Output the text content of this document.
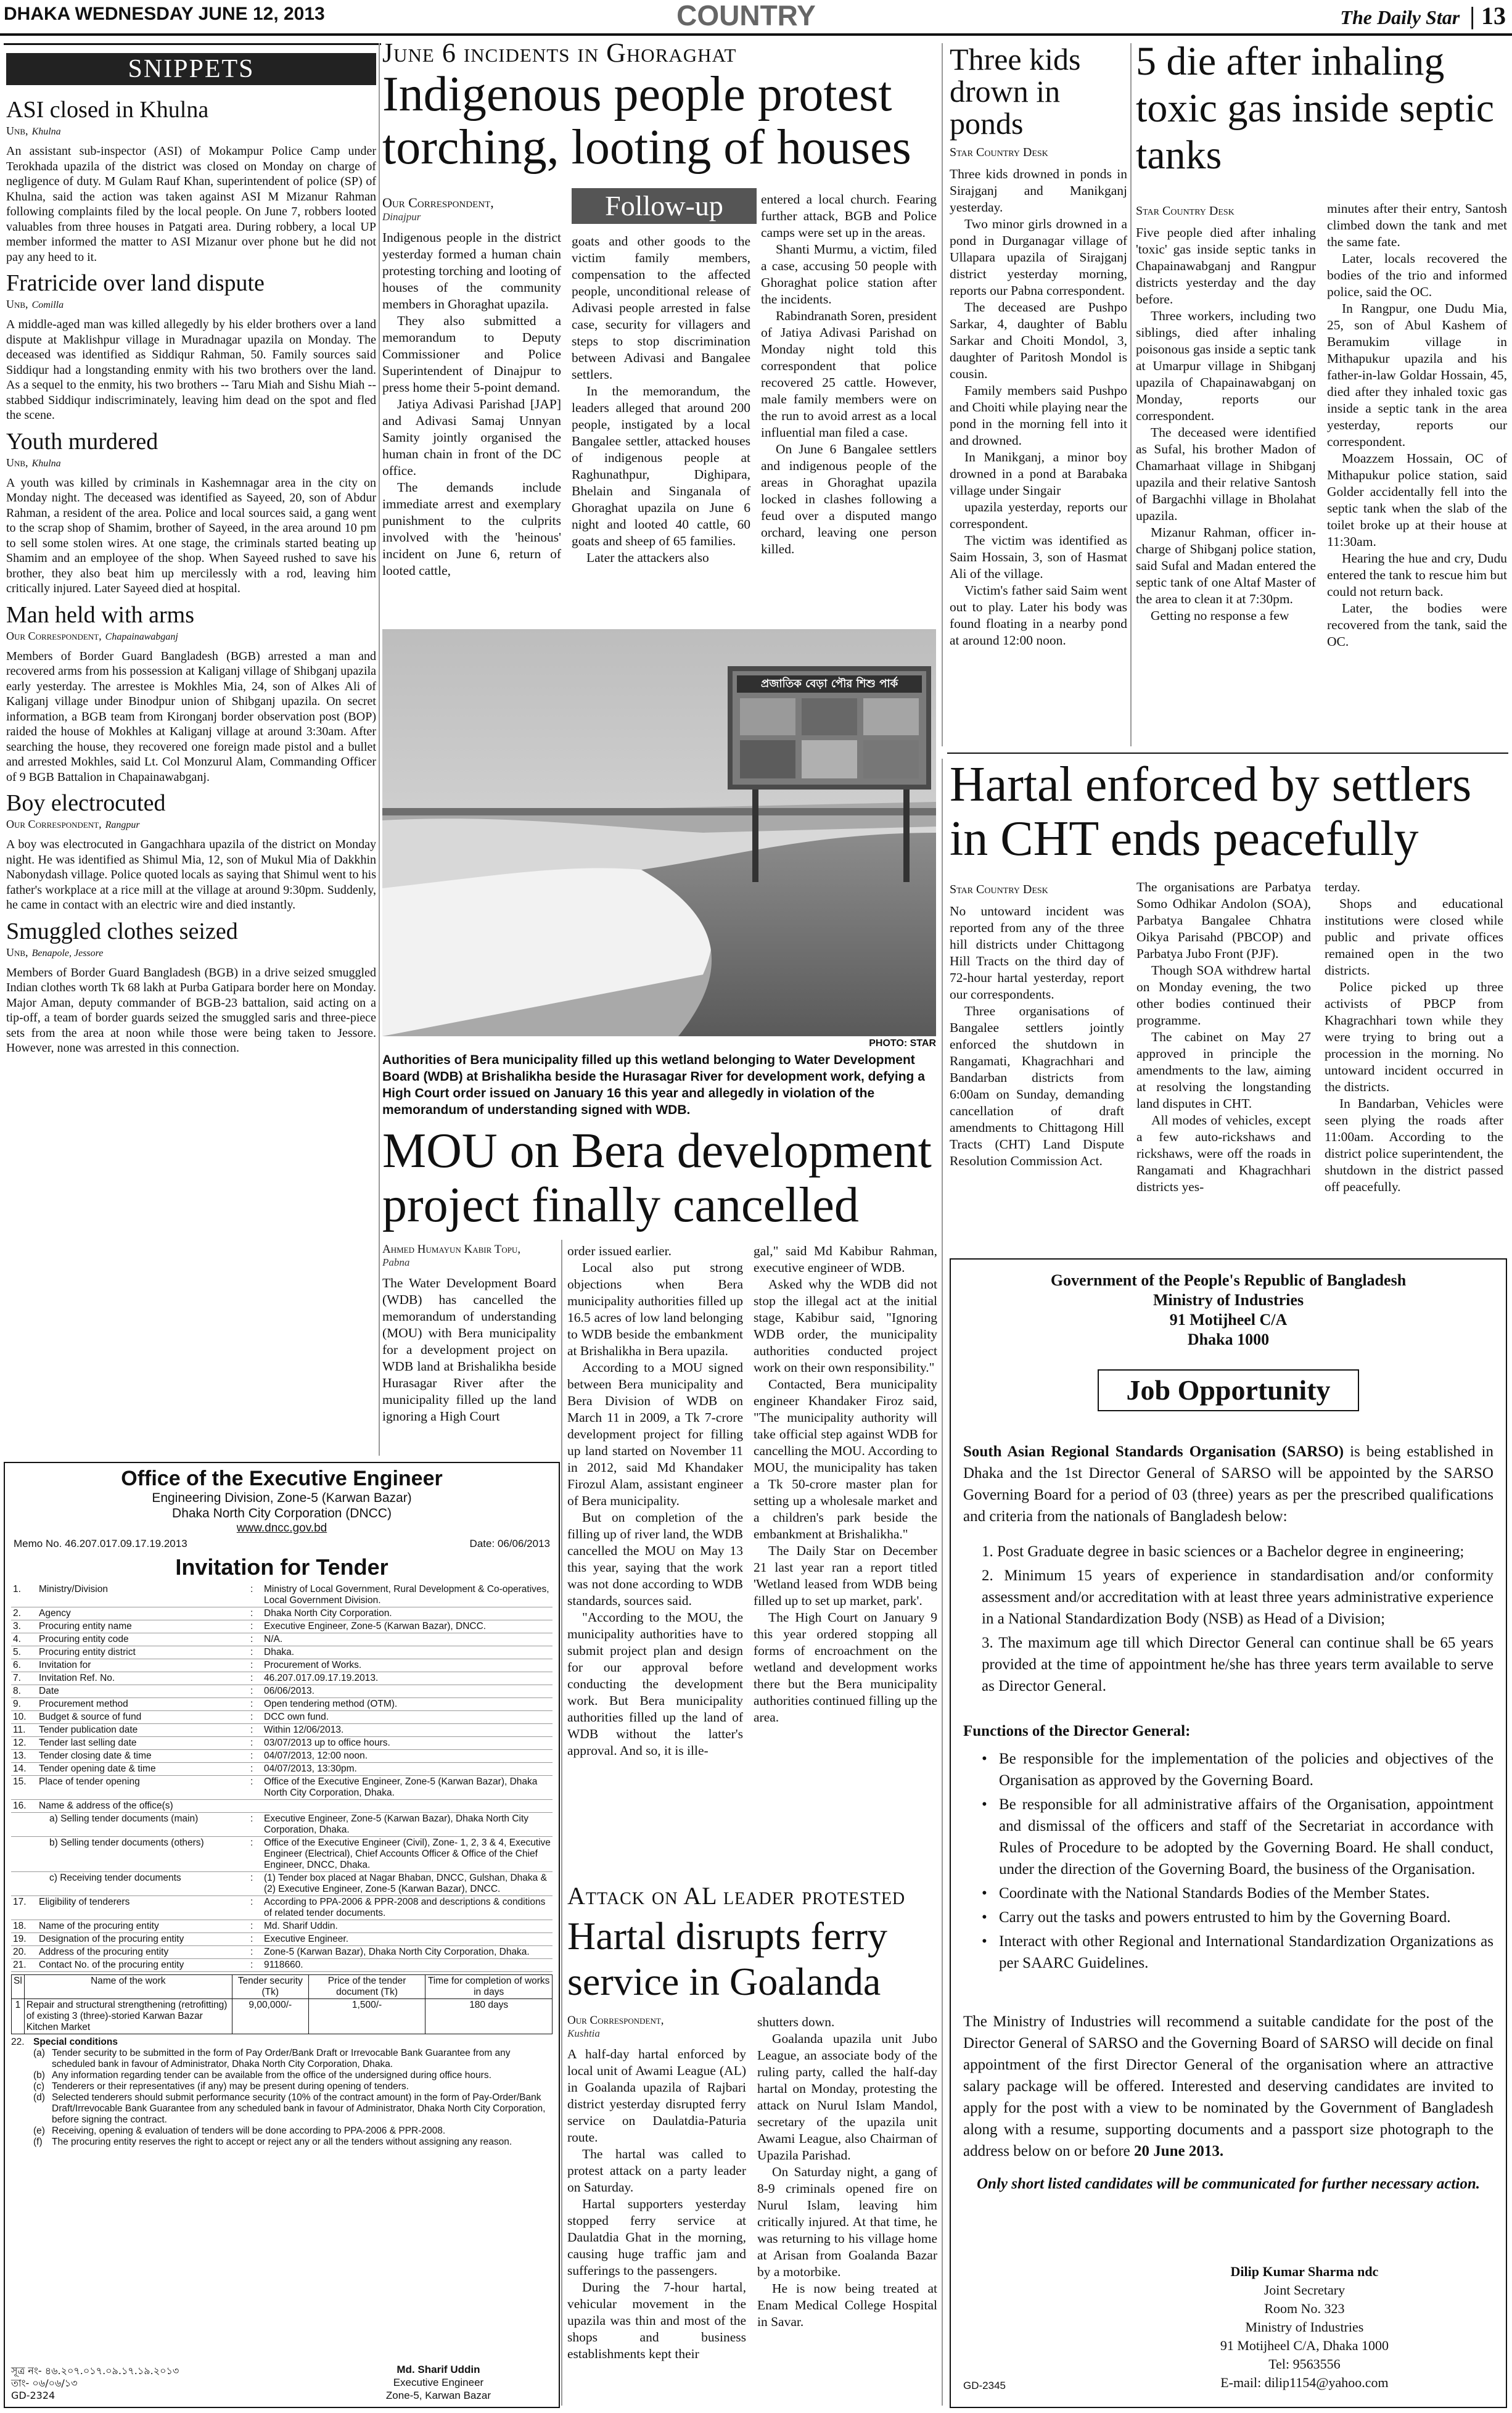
DHAKA WEDNESDAY JUNE 12, 2013	COUNTRY	The Daily Star | 13
SNIPPETS
ASI closed in Khulna
Unb, Khulna
An assistant sub-inspector (ASI) of Mokampur Police Camp under Terokhada upazila of the district was closed on Monday on charge of negligence of duty. M Gulam Rauf Khan, superintendent of police (SP) of Khulna, said the action was taken against ASI M Mizanur Rahman following complaints filed by the local people. On June 7, robbers looted valuables from three houses in Patgati area. During robbery, a local UP member informed the matter to ASI Mizanur over phone but he did not pay any heed to it.
Fratricide over land dispute
Unb, Comilla
A middle-aged man was killed allegedly by his elder brothers over a land dispute at Maklishpur village in Muradnagar upazila on Monday. The deceased was identified as Siddiqur Rahman, 50. Family sources said Siddiqur had a longstanding enmity with his two brothers over the land. As a sequel to the enmity, his two brothers -- Taru Miah and Sishu Miah -- stabbed Siddiqur indiscriminately, leaving him dead on the spot and fled the scene.
Youth murdered
Unb, Khulna
A youth was killed by criminals in Kashemnagar area in the city on Monday night. The deceased was identified as Sayeed, 20, son of Abdur Rahman, a resident of the area. Police and local sources said, a gang went to the scrap shop of Shamim, brother of Sayeed, in the area around 10 pm to sell some stolen wires. At one stage, the criminals started beating up Shamim and an employee of the shop. When Sayeed rushed to save his brother, they also beat him up mercilessly with a rod, leaving him critically injured. Later Sayeed died at hospital.
Man held with arms
Our Correspondent, Chapainawabganj
Members of Border Guard Bangladesh (BGB) arrested a man and recovered arms from his possession at Kaliganj village of Shibganj upazila early yesterday. The arrestee is Mokhles Mia, 24, son of Alkes Ali of Kaliganj village under Binodpur union of Shibganj upazila. On secret information, a BGB team from Kironganj border observation post (BOP) raided the house of Mokhles at Kaliganj village at around 3:30am. After searching the house, they recovered one foreign made pistol and a bullet and arrested Mokhles, said Lt. Col Monzurul Alam, Commanding Officer of 9 BGB Battalion in Chapainawabganj.
Boy electrocuted
Our Correspondent, Rangpur
A boy was electrocuted in Gangachhara upazila of the district on Monday night. He was identified as Shimul Mia, 12, son of Mukul Mia of Dakkhin Nabonydash village. Police quoted locals as saying that Shimul went to his father's workplace at a rice mill at the village at around 9:30pm. Suddenly, he came in contact with an electric wire and died instantly.
Smuggled clothes seized
Unb, Benapole, Jessore
Members of Border Guard Bangladesh (BGB) in a drive seized smuggled Indian clothes worth Tk 68 lakh at Purba Gatipara border here on Monday. Major Aman, deputy commander of BGB-23 battalion, said acting on a tip-off, a team of border guards seized the smuggled saris and three-piece sets from the area at noon while those were being taken to Jessore. However, none was arrested in this connection.
June 6 incidents in Ghoraghat
Indigenous people protest torching, looting of houses
Our Correspondent,
Dinajpur

Indigenous people in the district yesterday formed a human chain protesting torching and looting of houses of the community members in Ghoraghat upazila.

They also submitted a memorandum to Deputy Commissioner and Police Superintendent of Dinajpur to press home their 5-point demand.

Jatiya Adivasi Parishad [JAP] and Adivasi Samaj Unnyan Samity jointly organised the human chain in front of the DC office.

The demands include immediate arrest and exemplary punishment to the culprits involved with the 'heinous' incident on June 6, return of looted cattle,

Follow-up

goats and other goods to the victim family members, compensation to the affected people, unconditional release of Adivasi people arrested in false case, security for villagers and steps to stop discrimination between Adivasi and Bangalee settlers.

In the memorandum, the leaders alleged that around 200 people, instigated by a local Bangalee settler, attacked houses of indigenous people at Raghunathpur, Dighipara, Bhelain and Singanala of Ghoraghat upazila on June 6 night and looted 40 cattle, 60 goats and sheep of 65 families.

Later the attackers also

entered a local church. Fearing further attack, BGB and Police camps were set up in the areas.

Shanti Murmu, a victim, filed a case, accusing 50 people with Ghoraghat police station after the incidents.

Rabindranath Soren, president of Jatiya Adivasi Parishad on Monday night told this correspondent that police recovered 25 cattle. However, male family members were on the run to avoid arrest as a local influential man filed a case.

On June 6 Bangalee settlers and indigenous people of the areas in Ghoraghat upazila locked in clashes following a feud over a disputed mango orchard, leaving one person killed.

Three kids drown in ponds
Star Country Desk

Three kids drowned in ponds in Sirajganj and Manikganj yesterday.

Two minor girls drowned in a pond in Durganagar village of Ullapara upazila of Sirajganj district yesterday morning, reports our Pabna correspondent.

The deceased are Pushpo Sarkar, 4, daughter of Bablu Sarkar and Choiti Mondol, 3, daughter of Paritosh Mondol is cousin.

Family members said Pushpo and Choiti while playing near the pond in the morning fell into it and drowned.

In Manikganj, a minor boy drowned in a pond at Barabaka village under Singair

upazila yesterday, reports our correspondent.

The victim was identified as Saim Hossain, 3, son of Hasmat Ali of the village.

Victim's father said Saim went out to play. Later his body was found floating in a nearby pond at around 12:00 noon.

5 die after inhaling toxic gas inside septic tanks
Star Country Desk

Five people died after inhaling 'toxic' gas inside septic tanks in Chapainawabganj and Rangpur districts yesterday and the day before.

Three workers, including two siblings, died after inhaling poisonous gas inside a septic tank at Umarpur village in Shibganj upazila of Chapainawabganj on Monday, reports our correspondent.

The deceased were identified as Sufal, his brother Madon of Chamarhaat village in Shibganj upazila and their relative Santosh of Bargachhi village in Bholahat upazila.

Mizanur Rahman, officer in-charge of Shibganj police station, said Sufal and Madan entered the septic tank of one Altaf Master of the area to clean it at 7:30pm.

Getting no response a few

minutes after their entry, Santosh climbed down the tank and met the same fate.

Later, locals recovered the bodies of the trio and informed police, said the OC.

In Rangpur, one Dudu Mia, 25, son of Abul Kashem of Beramukim village in Mithapukur upazila and his father-in-law Goldar Hossain, 45, died after they inhaled toxic gas inside a septic tank in the area yesterday, reports our correspondent.

Moazzem Hossain, OC of Mithapukur police station, said Golder accidentally fell into the septic tank when the slab of the toilet broke up at their house at 11:30am.

Hearing the hue and cry, Dudu entered the tank to rescue him but could not return back.

Later, the bodies were recovered from the tank, said the OC.

প্রজাতিক বেড়া পৌর শিশু পার্ক
PHOTO: STAR
Authorities of Bera municipality filled up this wetland belonging to Water Development Board (WDB) at Brishalikha beside the Hurasagar River for development work, defying a High Court order issued on January 16 this year and allegedly in violation of the memorandum of understanding signed with WDB.
Hartal enforced by settlers in CHT ends peacefully
Star Country Desk

No untoward incident was reported from any of the three hill districts under Chittagong Hill Tracts on the third day of 72-hour hartal yesterday, report our correspondents.

Three organisations of Bangalee settlers jointly enforced the shutdown in Rangamati, Khagrachhari and Bandarban districts from 6:00am on Sunday, demanding cancellation of draft amendments to Chittagong Hill Tracts (CHT) Land Dispute Resolution Commission Act.

The organisations are Parbatya Somo Odhikar Andolon (SOA), Parbatya Bangalee Chhatra Oikya Parisahd (PBCOP) and Parbatya Jubo Front (PJF).

Though SOA withdrew hartal on Monday evening, the two other bodies continued their programme.

The cabinet on May 27 approved in principle the amendments to the law, aiming at resolving the longstanding land disputes in CHT.

All modes of vehicles, except a few auto-rickshaws and rickshaws, were off the roads in Rangamati and Khagrachhari districts yes-

terday.

Shops and educational institutions were closed while public and private offices remained open in the two districts.

Police picked up three activists of PBCP from Khagrachhari town while they were trying to bring out a procession in the morning. No untoward incident occurred in the districts.

In Bandarban, Vehicles were seen plying the roads after 11:00am. According to the district police superintendent, the shutdown in the district passed off peacefully.

MOU on Bera development project finally cancelled
Ahmed Humayun Kabir Topu,
Pabna

The Water Development Board (WDB) has cancelled the memorandum of understanding (MOU) with Bera municipality for a development project on WDB land at Brishalikha beside Hurasagar River after the municipality filled up the land ignoring a High Court

order issued earlier.

Local also put strong objections when Bera municipality authorities filled up 16.5 acres of low land belonging to WDB beside the embankment at Brishalikha in Bera upazila.

According to a MOU signed between Bera municipality and Bera Division of WDB on March 11 in 2009, a Tk 7-crore development project for filling up land started on November 11 in 2012, said Md Khandaker Firozul Alam, assistant engineer of Bera municipality.

But on completion of the filling up of river land, the WDB cancelled the MOU on May 13 this year, saying that the work was not done according to WDB standards, sources said.

"According to the MOU, the municipality authorities have to submit project plan and design for our approval before conducting the development work. But Bera municipality authorities filled up the land of WDB without the latter's approval. And so, it is ille-

gal," said Md Kabibur Rahman, executive engineer of WDB.

Asked why the WDB did not stop the illegal act at the initial stage, Kabibur said, "Ignoring WDB order, the municipality authorities conducted project work on their own responsibility."

Contacted, Bera municipality engineer Khandaker Firoz said, "The municipality authority will take official step against WDB for cancelling the MOU. According to MOU, the municipality has taken a Tk 50-crore master plan for setting up a wholesale market and a children's park beside the embankment at Brishalikha."

The Daily Star on December 21 last year ran a report titled 'Wetland leased from WDB being filled up to set up market, park'.

The High Court on January 9 this year ordered stopping all forms of encroachment on the wetland and development works there but the Bera municipality authorities continued filling up the area.

Attack on AL leader protested
Hartal disrupts ferry service in Goalanda
Our Correspondent,
Kushtia

A half-day hartal enforced by local unit of Awami League (AL) in Goalanda upazila of Rajbari district yesterday disrupted ferry service on Daulatdia-Paturia route.

The hartal was called to protest attack on a party leader on Saturday.

Hartal supporters yesterday stopped ferry service at Daulatdia Ghat in the morning, causing huge traffic jam and sufferings to the passengers.

During the 7-hour hartal, vehicular movement in the upazila was thin and most of the shops and business establishments kept their

shutters down.

Goalanda upazila unit Jubo League, an associate body of the ruling party, called the half-day hartal on Monday, protesting the attack on Nurul Islam Mandol, secretary of the upazila unit Awami League, also Chairman of Upazila Parishad.

On Saturday night, a gang of 8-9 criminals opened fire on Nurul Islam, leaving him critically injured. At that time, he was returning to his village home at Arisan from Goalanda Bazar by a motorbike.

He is now being treated at Enam Medical College Hospital in Savar.

Office of the Executive Engineer
Engineering Division, Zone-5 (Karwan Bazar)
Dhaka North City Corporation (DNCC)
www.dncc.gov.bd
Memo No. 46.207.017.09.17.19.2013	Date: 06/06/2013
Invitation for Tender
1.	Ministry/Division	:	Ministry of Local Government, Rural Development & Co-operatives, Local Government Division.
2.	Agency	:	Dhaka North City Corporation.
3.	Procuring entity name	:	Executive Engineer, Zone-5 (Karwan Bazar), DNCC.
4.	Procuring entity code	:	N/A.
5.	Procuring entity district	:	Dhaka.
6.	Invitation for	:	Procurement of Works.
7.	Invitation Ref. No.	:	46.207.017.09.17.19.2013.
8.	Date	:	06/06/2013.
9.	Procurement method	:	Open tendering method (OTM).
10.	Budget & source of fund	:	DCC own fund.
11.	Tender publication date	:	Within 12/06/2013.
12.	Tender last selling date	:	03/07/2013 up to office hours.
13.	Tender closing date & time	:	04/07/2013, 12:00 noon.
14.	Tender opening date & time	:	04/07/2013, 13:30pm.
15.	Place of tender opening	:	Office of the Executive Engineer, Zone-5 (Karwan Bazar), Dhaka North City Corporation, Dhaka.
16.	Name & address of the office(s)		
	a) Selling tender documents (main)	:	Executive Engineer, Zone-5 (Karwan Bazar), Dhaka North City Corporation, Dhaka.
	b) Selling tender documents (others)	:	Office of the Executive Engineer (Civil), Zone- 1, 2, 3 & 4, Executive Engineer (Electrical), Chief Accounts Officer & Office of the Chief Engineer, DNCC, Dhaka.
	c) Receiving tender documents	:	(1) Tender box placed at Nagar Bhaban, DNCC, Gulshan, Dhaka & (2) Executive Engineer, Zone-5 (Karwan Bazar), DNCC.
17.	Eligibility of tenderers	:	According to PPA-2006 & PPR-2008 and descriptions & conditions of related tender documents.
18.	Name of the procuring entity	:	Md. Sharif Uddin.
19.	Designation of the procuring entity	:	Executive Engineer.
20.	Address of the procuring entity	:	Zone-5 (Karwan Bazar), Dhaka North City Corporation, Dhaka.
21.	Contact No. of the procuring entity	:	9118660.
Sl	Name of the work	Tender security (Tk)	Price of the tender document (Tk)	Time for completion of works in days
1	Repair and structural strengthening (retrofitting) of existing 3 (three)-storied Karwan Bazar Kitchen Market	9,00,000/-	1,500/-	180 days
22. Special conditions
(a) Tender security to be submitted in the form of Pay Order/Bank Draft or Irrevocable Bank Guarantee from any scheduled bank in favour of Administrator, Dhaka North City Corporation, Dhaka.
(b) Any information regarding tender can be available from the office of the undersigned during office hours.
(c) Tenderers or their representatives (if any) may be present during opening of tenders.
(d) Selected tenderers should submit performance security (10% of the contract amount) in the form of Pay-Order/Bank Draft/Irrevocable Bank Guarantee from any scheduled bank in favour of Administrator, Dhaka North City Corporation, before signing the contract.
(e) Receiving, opening & evaluation of tenders will be done according to PPA-2006 & PPR-2008.
(f) The procuring entity reserves the right to accept or reject any or all the tenders without assigning any reason.
সূত্র নং- ৪৬.২০৭.০১৭.০৯.১৭.১৯.২০১৩
তাং- ০৬/০৬/১৩
GD-2324
Md. Sharif Uddin
Executive Engineer
Zone-5, Karwan Bazar
Government of the People's Republic of Bangladesh
Ministry of Industries
91 Motijheel C/A
Dhaka 1000
Job Opportunity

South Asian Regional Standards Organisation (SARSO) is being established in Dhaka and the 1st Director General of SARSO will be appointed by the SARSO Governing Board for a period of 03 (three) years as per the prescribed qualifications and criteria from the nationals of Bangladesh below:

1. Post Graduate degree in basic sciences or a Bachelor degree in engineering;
2. Minimum 15 years of experience in standardisation and/or conformity assessment and/or accreditation with at least three years administrative experience in a National Standardization Body (NSB) as Head of a Division;
3. The maximum age till which Director General can continue shall be 65 years provided at the time of appointment he/she has three years term available to serve as Director General.
Functions of the Director General:
• Be responsible for the implementation of the policies and objectives of the Organisation as approved by the Governing Board.
• Be responsible for all administrative affairs of the Organisation, appointment and dismissal of the officers and staff of the Secretariat in accordance with Rules of Procedure to be adopted by the Governing Board. He shall conduct, under the direction of the Governing Board, the business of the Organisation.
• Coordinate with the National Standards Bodies of the Member States.
• Carry out the tasks and powers entrusted to him by the Governing Board.
• Interact with other Regional and International Standardization Organizations as per SAARC Guidelines.

The Ministry of Industries will recommend a suitable candidate for the post of the Director General of SARSO and the Governing Board of SARSO will decide on final appointment of the first Director General of the organisation where an attractive salary package will be offered. Interested and deserving candidates are invited to apply for the post with a view to be nominated by the Government of Bangladesh along with a resume, supporting documents and a passport size photograph to the address below on or before 20 June 2013.

Only short listed candidates will be communicated for further necessary action.

Dilip Kumar Sharma ndc
Joint Secretary
Room No. 323
Ministry of Industries
91 Motijheel C/A, Dhaka 1000
Tel: 9563556
E-mail: dilip1154@yahoo.com
GD-2345
